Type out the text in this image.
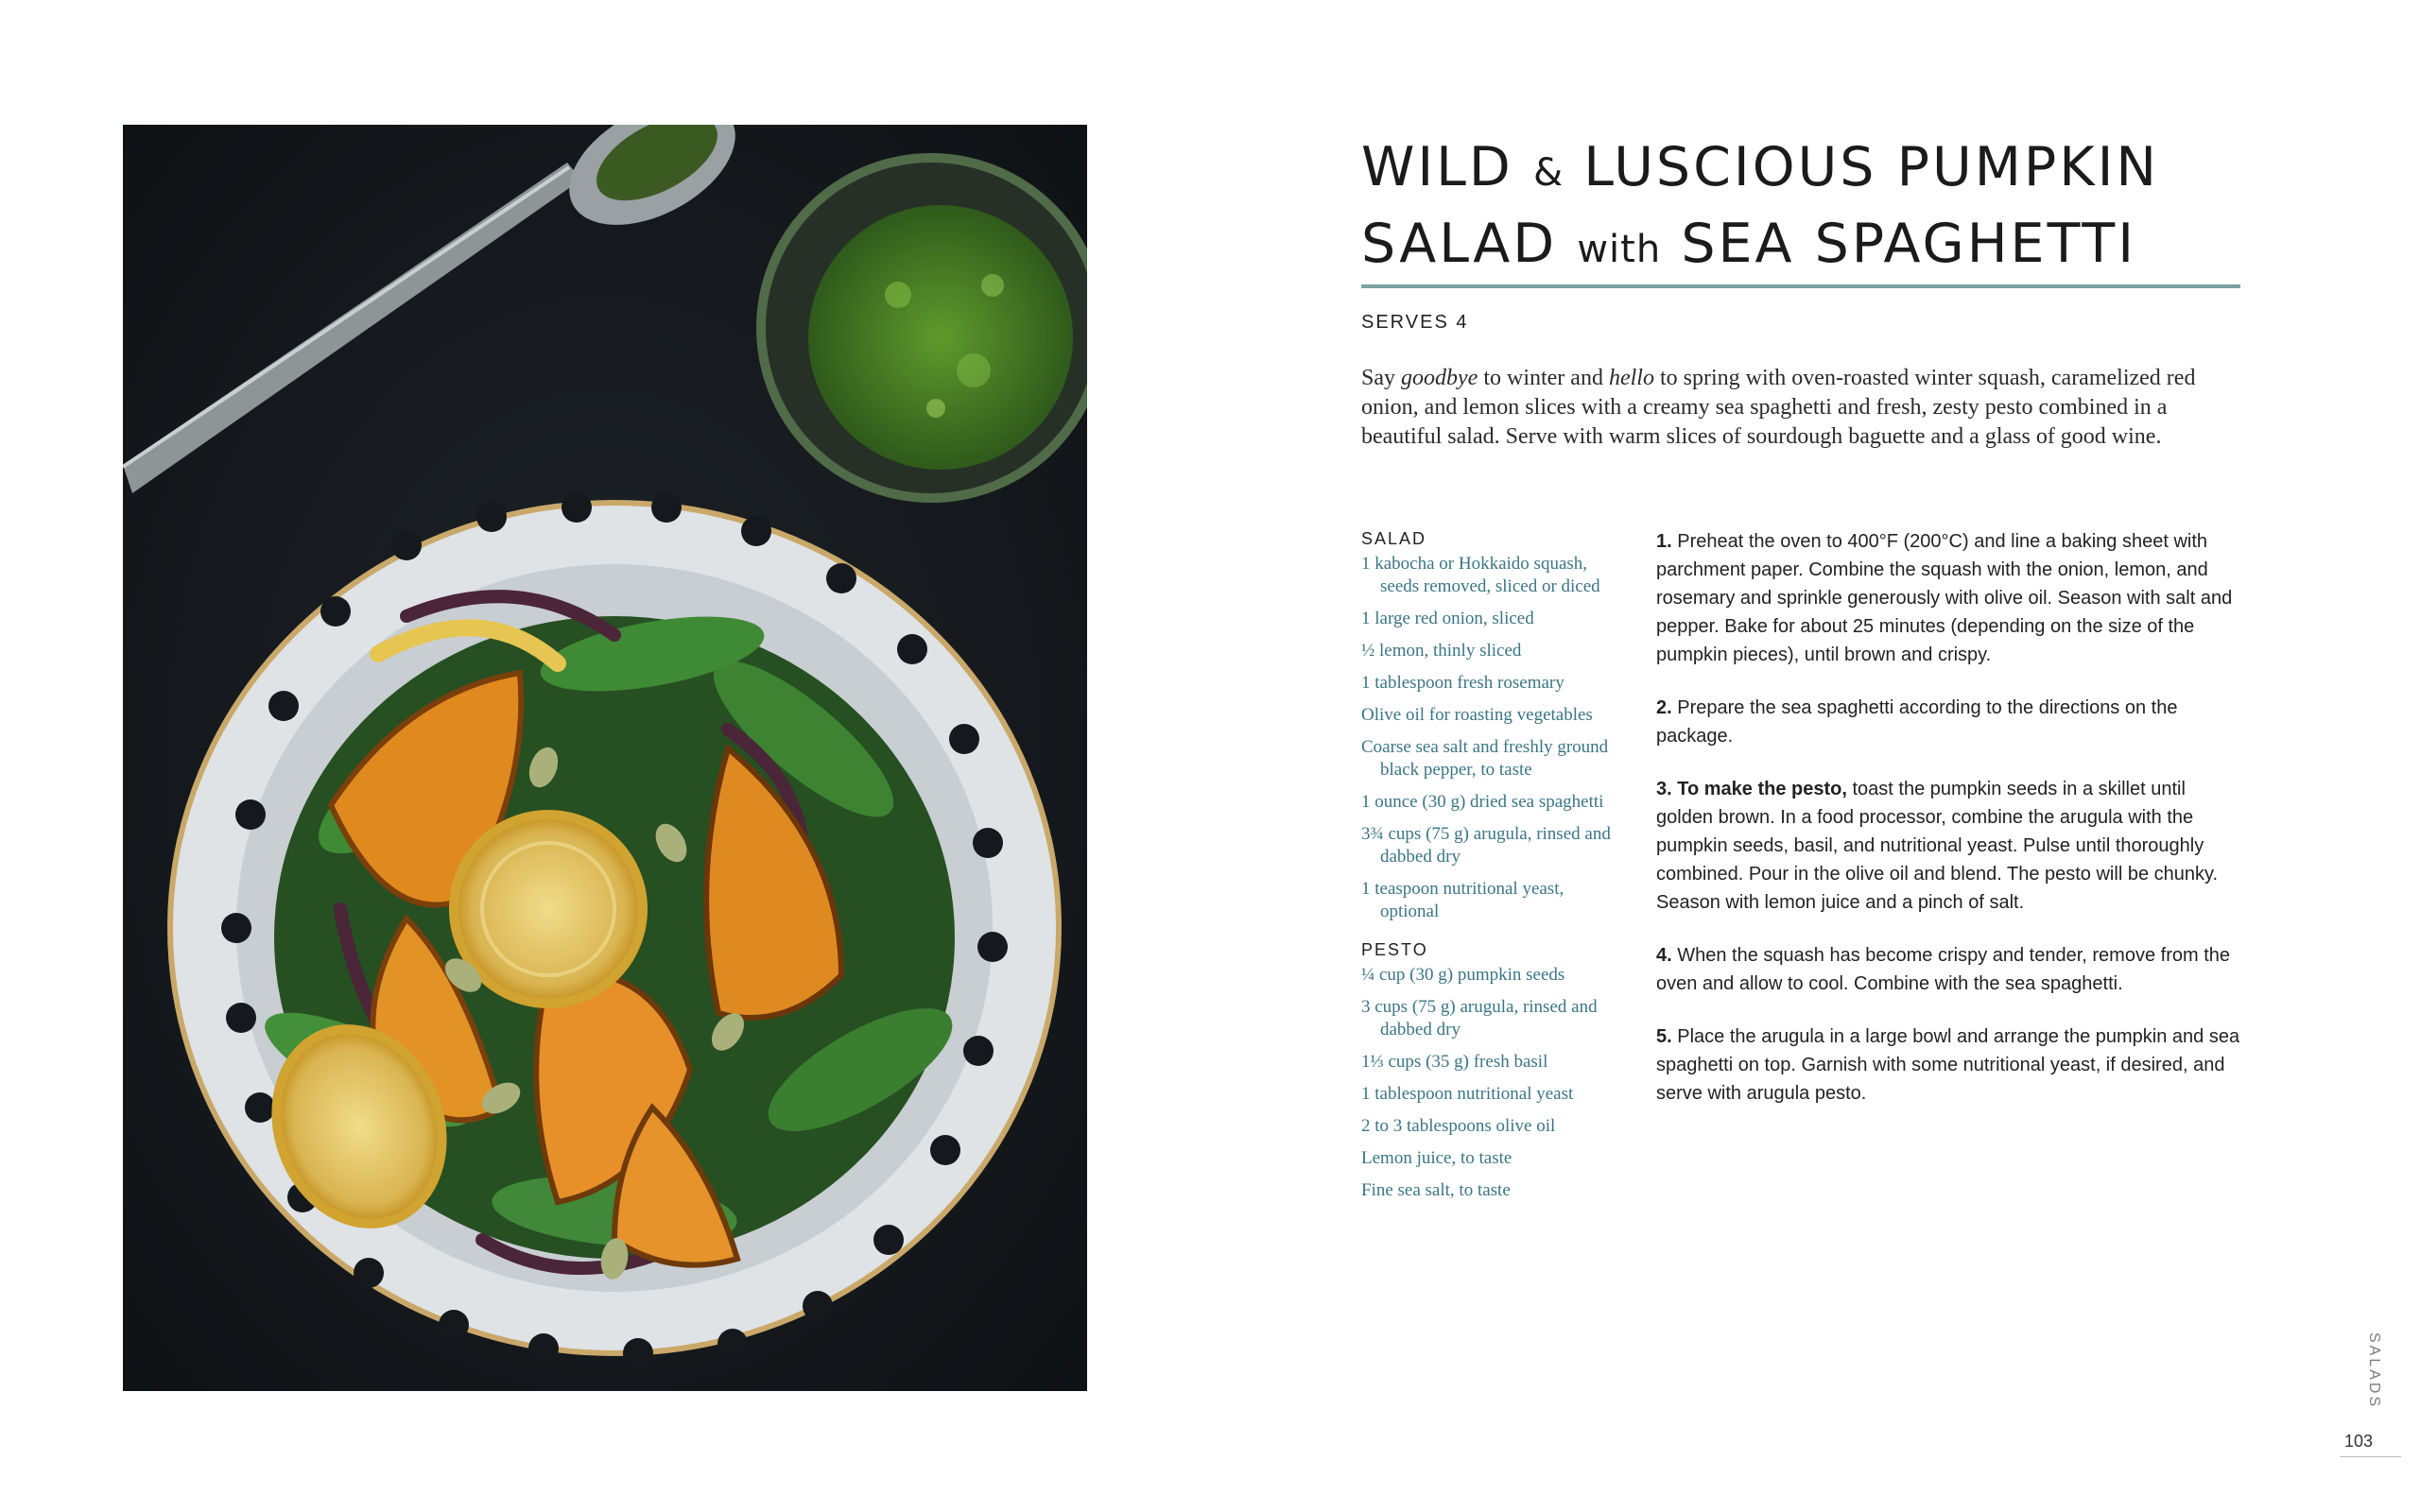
WILD & LUSCIOUS PUMPKIN
SALAD with SEA SPAGHETTI
SERVES 4

Say goodbye to winter and hello to spring with oven-roasted winter squash, caramelized red onion, and lemon slices with a creamy sea spaghetti and fresh, zesty pesto combined in a beautiful salad. Serve with warm slices of sourdough baguette and a glass of good wine.

SALAD
1 kabocha or Hokkaido squash, seeds removed, sliced or diced
1 large red onion, sliced
½ lemon, thinly sliced
1 tablespoon fresh rosemary
Olive oil for roasting vegetables
Coarse sea salt and freshly ground black pepper, to taste
1 ounce (30 g) dried sea spaghetti
3¾ cups (75 g) arugula, rinsed and dabbed dry
1 teaspoon nutritional yeast, optional
PESTO
¼ cup (30 g) pumpkin seeds
3 cups (75 g) arugula, rinsed and dabbed dry
1⅓ cups (35 g) fresh basil
1 tablespoon nutritional yeast
2 to 3 tablespoons olive oil
Lemon juice, to taste
Fine sea salt, to taste

1. Preheat the oven to 400°F (200°C) and line a baking sheet with parchment paper. Combine the squash with the onion, lemon, and rosemary and sprinkle generously with olive oil. Season with salt and pepper. Bake for about 25 minutes (depending on the size of the pumpkin pieces), until brown and crispy.

2. Prepare the sea spaghetti according to the directions on the package.

3. To make the pesto, toast the pumpkin seeds in a skillet until golden brown. In a food processor, combine the arugula with the pumpkin seeds, basil, and nutritional yeast. Pulse until thoroughly combined. Pour in the olive oil and blend. The pesto will be chunky. Season with lemon juice and a pinch of salt.

4. When the squash has become crispy and tender, remove from the oven and allow to cool. Combine with the sea spaghetti.

5. Place the arugula in a large bowl and arrange the pumpkin and sea spaghetti on top. Garnish with some nutritional yeast, if desired, and serve with arugula pesto.

SALADS
103
